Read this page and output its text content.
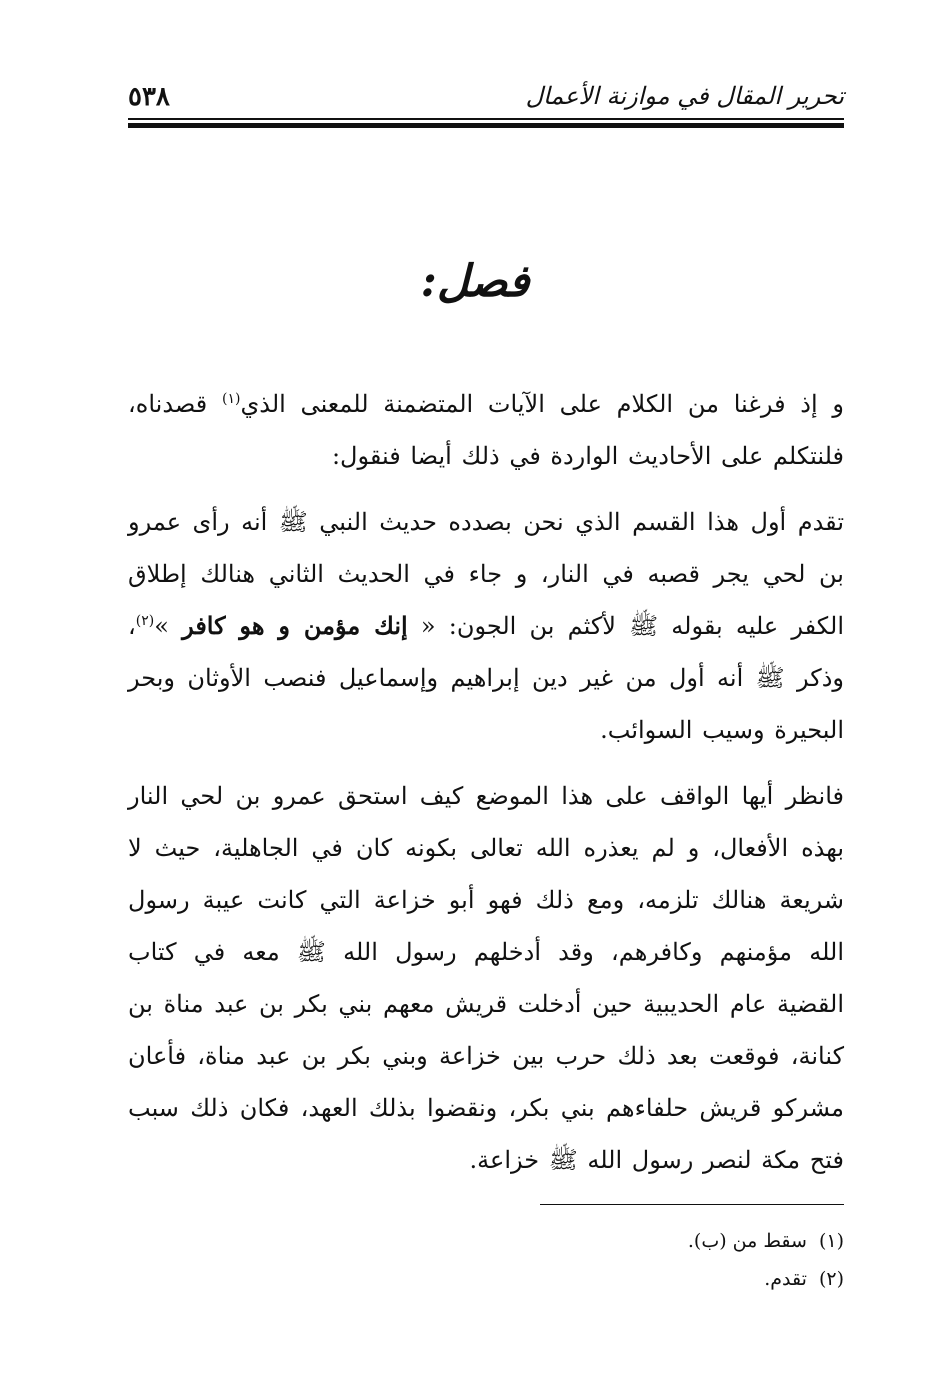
تحرير المقال في موازنة الأعمال
٥٣٨
فصل:

و إذ فرغنا من الكلام على الآيات المتضمنة للمعنى الذي$^{(١)}$ قصدناه، فلنتكلم على الأحاديث الواردة في ذلك أيضا فنقول:

تقدم أول هذا القسم الذي نحن بصدده حديث النبي ﷺ أنه رأى عمرو بن لحي يجر قصبه في النار، و جاء في الحديث الثاني هنالك إطلاق الكفر عليه بقوله ﷺ لأكثم بن الجون: « إنك مؤمن و هو كافر »$^{(٢)}$، وذكر ﷺ أنه أول من غير دين إبراهيم وإسماعيل فنصب الأوثان وبحر البحيرة وسيب السوائب.

فانظر أيها الواقف على هذا الموضع كيف استحق عمرو بن لحي النار بهذه الأفعال، و لم يعذره الله تعالى بكونه كان في الجاهلية، حيث لا شريعة هنالك تلزمه، ومع ذلك فهو أبو خزاعة التي كانت عيبة رسول الله مؤمنهم وكافرهم، وقد أدخلهم رسول الله ﷺ معه في كتاب القضية عام الحديبية حين أدخلت قريش معهم بني بكر بن عبد مناة بن كنانة، فوقعت بعد ذلك حرب بين خزاعة وبني بكر بن عبد مناة، فأعان مشركو قريش حلفاءهم بني بكر، ونقضوا بذلك العهد، فكان ذلك سبب فتح مكة لنصر رسول الله ﷺ خزاعة.

(١)سقط من (ب).
(٢)تقدم.
